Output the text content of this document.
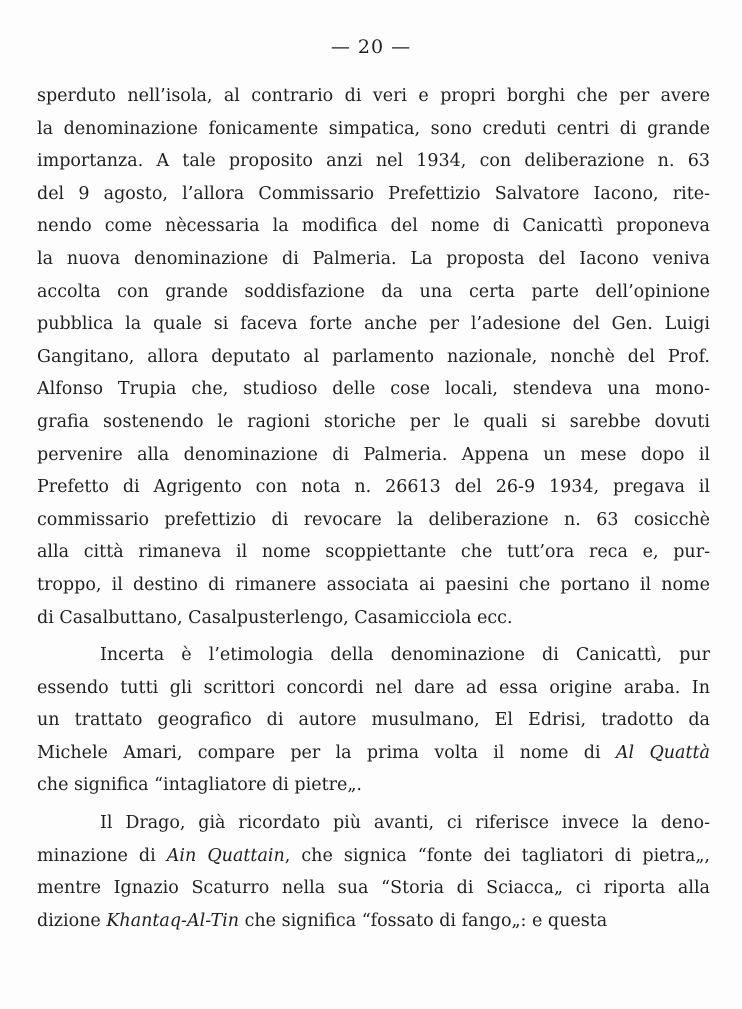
— 20 —
sperduto nell’isola, al contrario di veri e propri borghi che per avere
la denominazione fonicamente simpatica, sono creduti centri di grande
importanza. A tale proposito anzi nel 1934, con deliberazione n. 63
del 9 agosto, l’allora Commissario Prefettizio Salvatore Iacono, rite-
nendo come nècessaria la modifica del nome di Canicattì proponeva
la nuova denominazione di Palmeria. La proposta del Iacono veniva
accolta con grande soddisfazione da una certa parte dell’opinione
pubblica la quale si faceva forte anche per l’adesione del Gen. Luigi
Gangitano, allora deputato al parlamento nazionale, nonchè del Prof.
Alfonso Trupia che, studioso delle cose locali, stendeva una mono-
grafia sostenendo le ragioni storiche per le quali si sarebbe dovuti
pervenire alla denominazione di Palmeria. Appena un mese dopo il
Prefetto di Agrigento con nota n. 26613 del 26-9 1934, pregava il
commissario prefettizio di revocare la deliberazione n. 63 cosicchè
alla città rimaneva il nome scoppiettante che tutt’ora reca e, pur-
troppo, il destino di rimanere associata ai paesini che portano il nome
di Casalbuttano, Casalpusterlengo, Casamicciola ecc.
Incerta è l’etimologia della denominazione di Canicattì, pur
essendo tutti gli scrittori concordi nel dare ad essa origine araba. In
un trattato geografico di autore musulmano, El Edrisi, tradotto da
Michele Amari, compare per la prima volta il nome di Al Quattà
che significa “intagliatore di pietre„.
Il Drago, già ricordato più avanti, ci riferisce invece la deno-
minazione di Ain Quattain, che signica “fonte dei tagliatori di pietra„,
mentre Ignazio Scaturro nella sua “Storia di Sciacca„ ci riporta alla
dizione Khantaq-Al-Tin che significa “fossato di fango„: e questa
